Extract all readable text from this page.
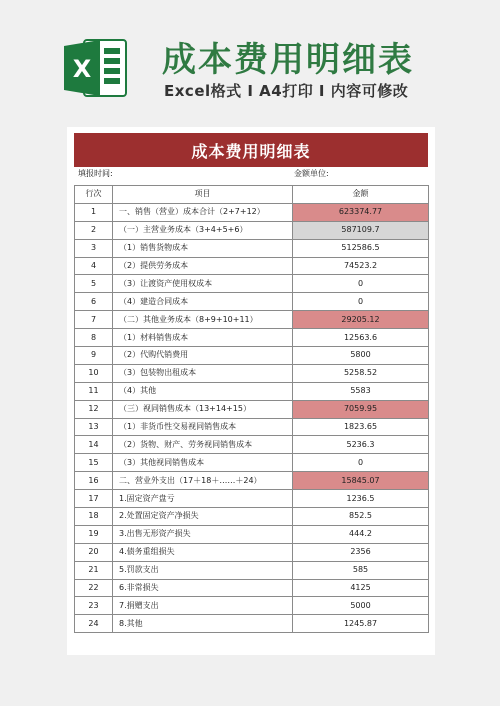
X 成本费用明细表
Excel格式 I A4打印 I 内容可修改
成本费用明细表
填报时间:	金额单位:
行次	项目	金额
1	一、销售（营业）成本合计（2+7+12）	623374.77
2	（一）主营业务成本（3+4+5+6）	587109.7
3	（1）销售货物成本	512586.5
4	（2）提供劳务成本	74523.2
5	（3）让渡资产使用权成本	0
6	（4）建造合同成本	0
7	（二）其他业务成本（8+9+10+11）	29205.12
8	（1）材料销售成本	12563.6
9	（2）代购代销费用	5800
10	（3）包装物出租成本	5258.52
11	（4）其他	5583
12	（三）视同销售成本（13+14+15）	7059.95
13	（1）非货币性交易视同销售成本	1823.65
14	（2）货物、财产、劳务视同销售成本	5236.3
15	（3）其他视同销售成本	0
16	二、营业外支出（17＋18＋……＋24）	15845.07
17	1.固定资产盘亏	1236.5
18	2.处置固定资产净损失	852.5
19	3.出售无形资产损失	444.2
20	4.债务重组损失	2356
21	5.罚款支出	585
22	6.非常损失	4125
23	7.捐赠支出	5000
24	8.其他	1245.87
